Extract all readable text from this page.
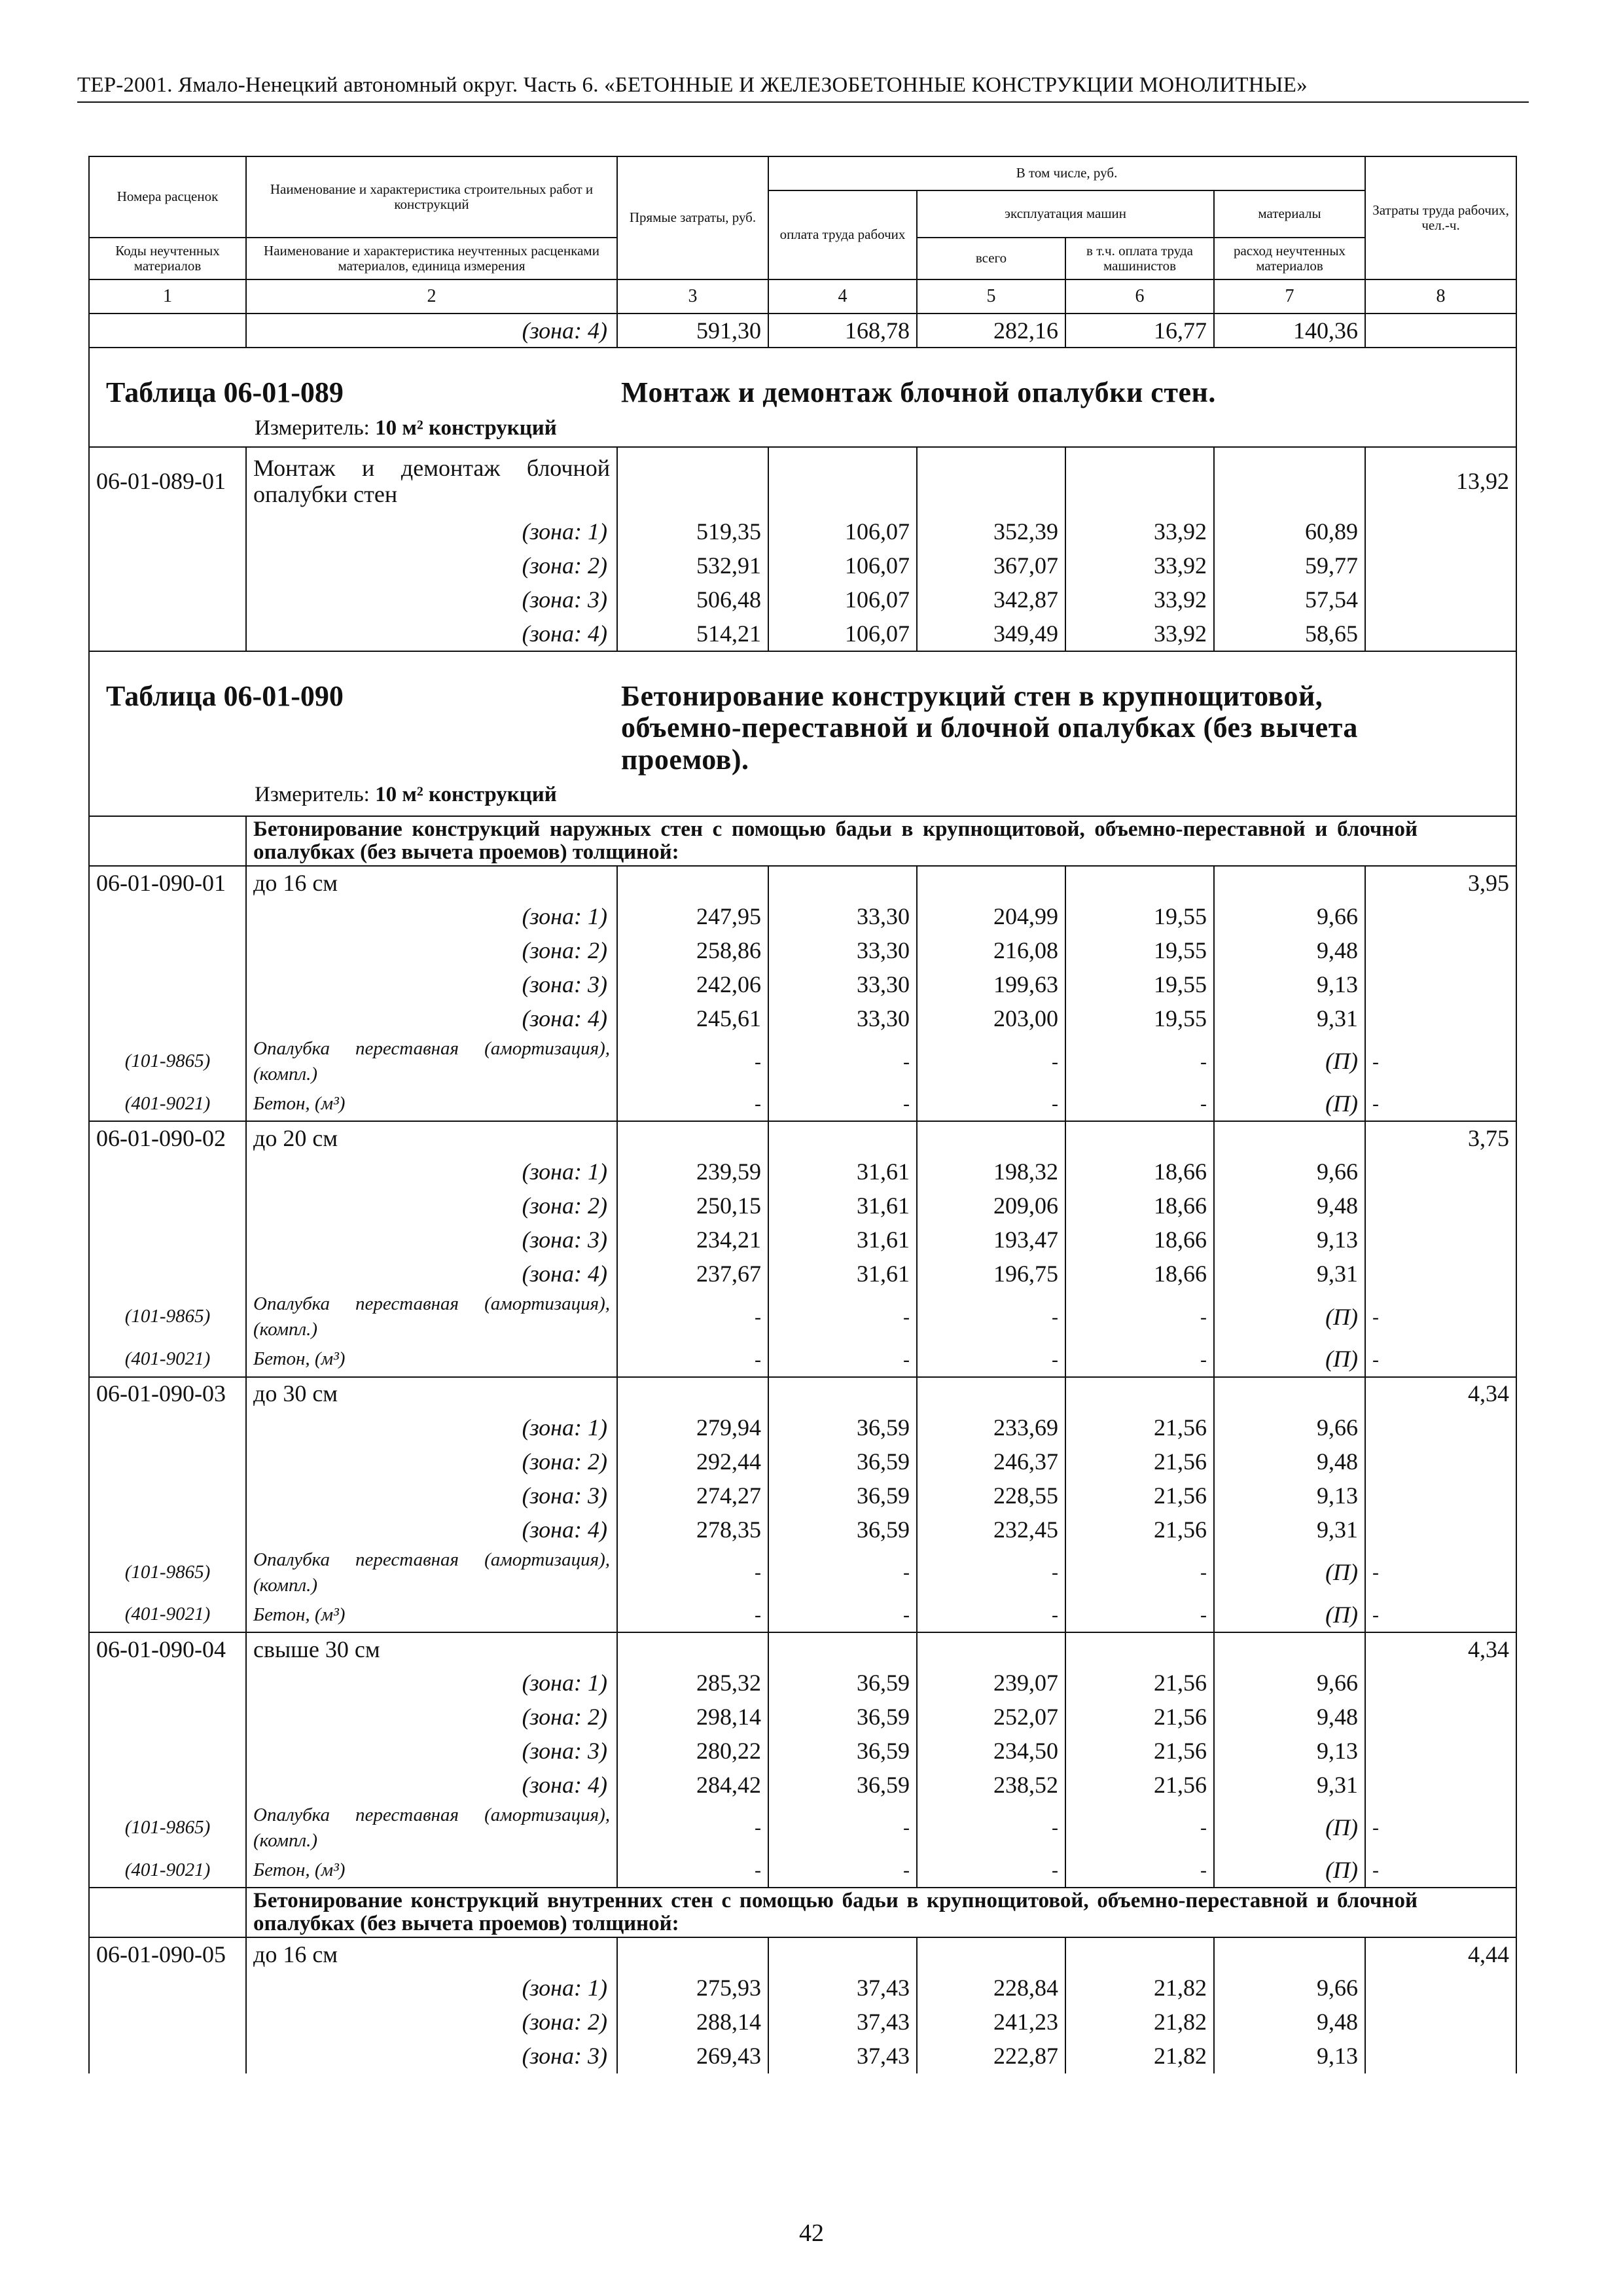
ТЕР-2001. Ямало-Ненецкий автономный округ. Часть 6. «БЕТОННЫЕ И ЖЕЛЕЗОБЕТОННЫЕ КОНСТРУКЦИИ МОНОЛИТНЫЕ»
Номера расценок	Наименование и характеристика строительных работ и конструкций	Прямые затраты, руб.	В том числе, руб.				Затраты труда рабочих, чел.-ч.
			оплата труда рабочих	эксплуатация машин		материалы	
Коды неучтенных материалов	Наименование и характеристика неучтенных расценками материалов, единица измерения			всего	в т.ч. оплата труда машинистов	расход неучтенных материалов	

1	2	3	4	5	6	7	8
	(зона: 4)	591,30	168,78	282,16	16,77	140,36	

Таблица 06-01-089 Монтаж и демонтаж блочной опалубки стен.
Измеритель: 10 м² конструкций							

06-01-089-01	Монтаж и демонтаж блочной опалубки стен						13,92
	(зона: 1)	519,35	106,07	352,39	33,92	60,89	
	(зона: 2)	532,91	106,07	367,07	33,92	59,77	
	(зона: 3)	506,48	106,07	342,87	33,92	57,54	
	(зона: 4)	514,21	106,07	349,49	33,92	58,65	

Таблица 06-01-090 Бетонирование конструкций стен в крупнощитовой, объемно-переставной и блочной опалубках (без вычета проемов).
Измеритель: 10 м² конструкций							

	Бетонирование конструкций наружных стен с помощью бадьи в крупнощитовой, объемно-переставной и блочной опалубках (без вычета проемов) толщиной:						
06-01-090-01	до 16 см						3,95
	(зона: 1)	247,95	33,30	204,99	19,55	9,66	
	(зона: 2)	258,86	33,30	216,08	19,55	9,48	
	(зона: 3)	242,06	33,30	199,63	19,55	9,13	
	(зона: 4)	245,61	33,30	203,00	19,55	9,31	
(101-9865)	Опалубка переставная (амортизация), (компл.)	-	-	-	-	(П)	-
(401-9021)	Бетон, (м³)	-	-	-	-	(П)	-
06-01-090-02	до 20 см						3,75
	(зона: 1)	239,59	31,61	198,32	18,66	9,66	
	(зона: 2)	250,15	31,61	209,06	18,66	9,48	
	(зона: 3)	234,21	31,61	193,47	18,66	9,13	
	(зона: 4)	237,67	31,61	196,75	18,66	9,31	
(101-9865)	Опалубка переставная (амортизация), (компл.)	-	-	-	-	(П)	-
(401-9021)	Бетон, (м³)	-	-	-	-	(П)	-
06-01-090-03	до 30 см						4,34
	(зона: 1)	279,94	36,59	233,69	21,56	9,66	
	(зона: 2)	292,44	36,59	246,37	21,56	9,48	
	(зона: 3)	274,27	36,59	228,55	21,56	9,13	
	(зона: 4)	278,35	36,59	232,45	21,56	9,31	
(101-9865)	Опалубка переставная (амортизация), (компл.)	-	-	-	-	(П)	-
(401-9021)	Бетон, (м³)	-	-	-	-	(П)	-
06-01-090-04	свыше 30 см						4,34
	(зона: 1)	285,32	36,59	239,07	21,56	9,66	
	(зона: 2)	298,14	36,59	252,07	21,56	9,48	
	(зона: 3)	280,22	36,59	234,50	21,56	9,13	
	(зона: 4)	284,42	36,59	238,52	21,56	9,31	
(101-9865)	Опалубка переставная (амортизация), (компл.)	-	-	-	-	(П)	-
(401-9021)	Бетон, (м³)	-	-	-	-	(П)	-
	Бетонирование конструкций внутренних стен с помощью бадьи в крупнощитовой, объемно-переставной и блочной опалубках (без вычета проемов) толщиной:						
06-01-090-05	до 16 см						4,44
	(зона: 1)	275,93	37,43	228,84	21,82	9,66	
	(зона: 2)	288,14	37,43	241,23	21,82	9,48	
	(зона: 3)	269,43	37,43	222,87	21,82	9,13	
42
